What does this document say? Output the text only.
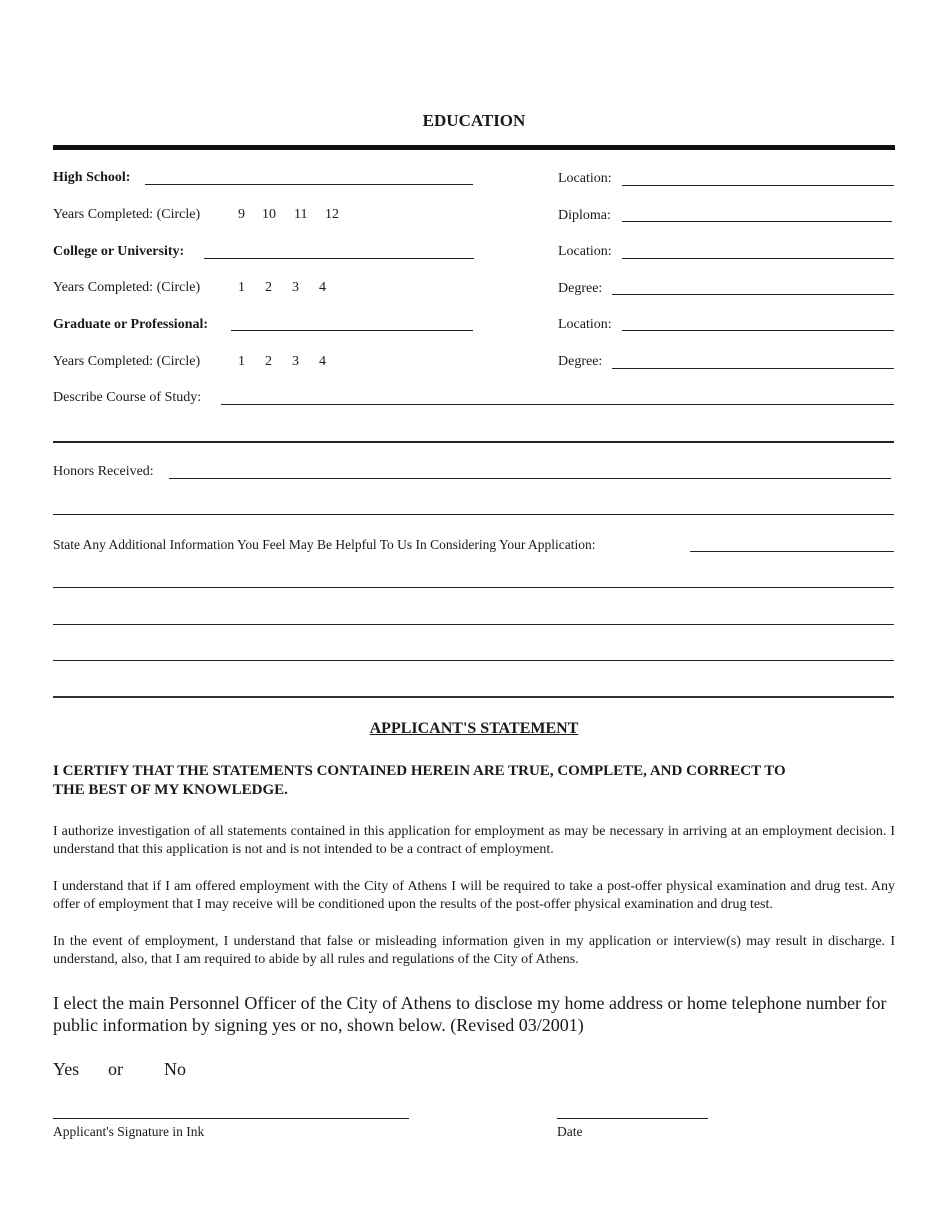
EDUCATION
High School:	Location:
Years Completed: (Circle)	9 10 11 12	Diploma:
College or University:	Location:
Years Completed: (Circle)	1 2 3 4	Degree:
Graduate or Professional:	Location:
Years Completed: (Circle)	1 2 3 4	Degree:
Describe Course of Study:
Honors Received:
State Any Additional Information You Feel May Be Helpful To Us In Considering Your Application:
APPLICANT'S STATEMENT
I CERTIFY THAT THE STATEMENTS CONTAINED HEREIN ARE TRUE, COMPLETE, AND CORRECT TO THE BEST OF MY KNOWLEDGE.
I authorize investigation of all statements contained in this application for employment as may be necessary in arriving at an employment decision. I understand that this application is not and is not intended to be a contract of employment.
I understand that if I am offered employment with the City of Athens I will be required to take a post-offer physical examination and drug test. Any offer of employment that I may receive will be conditioned upon the results of the post-offer physical examination and drug test.
In the event of employment, I understand that false or misleading information given in my application or interview(s) may result in discharge. I understand, also, that I am required to abide by all rules and regulations of the City of Athens.
I elect the main Personnel Officer of the City of Athens to disclose my home address or home telephone number for public information by signing yes or no, shown below. (Revised 03/2001)
Yes or No
Applicant's Signature in Ink	Date
